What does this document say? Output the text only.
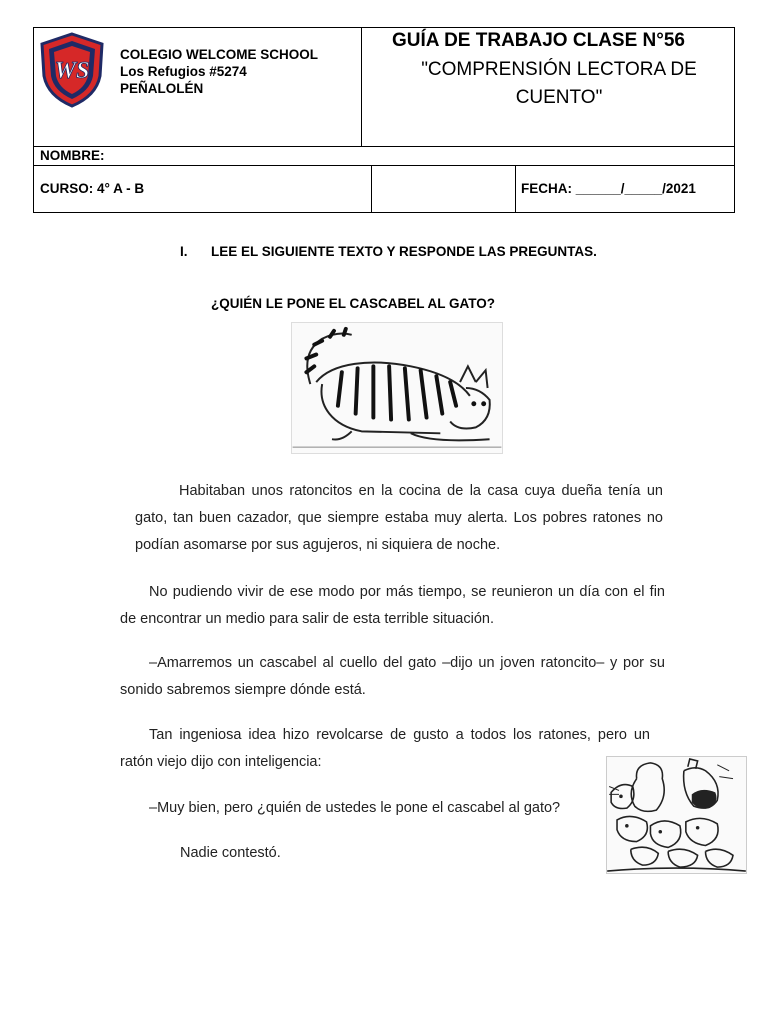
WS
COLEGIO WELCOME SCHOOL
Los Refugios #5274
PEÑALOLÉN
GUÍA DE TRABAJO CLASE N°56
"COMPRENSIÓN LECTORA DE
CUENTO"
NOMBRE:
CURSO: 4° A - B	FECHA: ______/_____/2021
I. LEE EL SIGUIENTE TEXTO Y RESPONDE LAS PREGUNTAS.
¿QUIÉN LE PONE EL CASCABEL AL GATO?
Habitaban unos ratoncitos en la cocina de la casa cuya dueña tenía un gato, tan buen cazador, que siempre estaba muy alerta. Los pobres ratones no podían asomarse por sus agujeros, ni siquiera de noche.
No pudiendo vivir de ese modo por más tiempo, se reunieron un día con el fin de encontrar un medio para salir de esta terrible situación.
–Amarremos un cascabel al cuello del gato –dijo un joven ratoncito– y por su sonido sabremos siempre dónde está.
Tan ingeniosa idea hizo revolcarse de gusto a todos los ratones, pero un ratón viejo dijo con inteligencia:
–Muy bien, pero ¿quién de ustedes le pone el cascabel al gato?
Nadie contestó.
